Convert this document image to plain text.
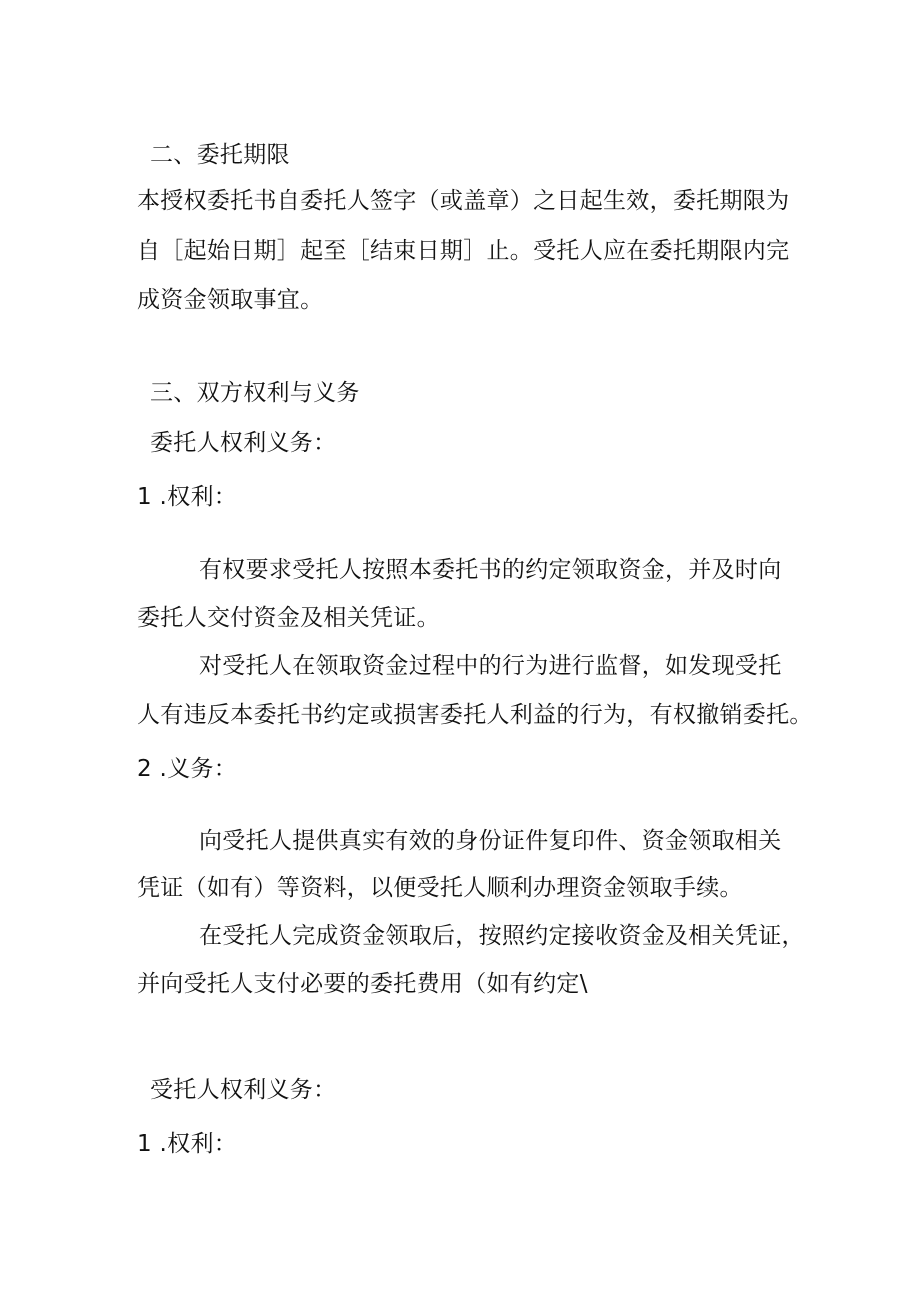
二、委托期限
本授权委托书自委托人签字（或盖章）之日起生效，委托期限为
自［起始日期］起至［结束日期］止。受托人应在委托期限内完
成资金领取事宜。
三、双方权利与义务
委托人权利义务：
1 .权利：
有权要求受托人按照本委托书的约定领取资金，并及时向
委托人交付资金及相关凭证。
对受托人在领取资金过程中的行为进行监督，如发现受托
人有违反本委托书约定或损害委托人利益的行为，有权撤销委托。
2 .义务：
向受托人提供真实有效的身份证件复印件、资金领取相关
凭证（如有）等资料，以便受托人顺利办理资金领取手续。
在受托人完成资金领取后，按照约定接收资金及相关凭证，
并向受托人支付必要的委托费用（如有约定\
受托人权利义务：
1 .权利：
